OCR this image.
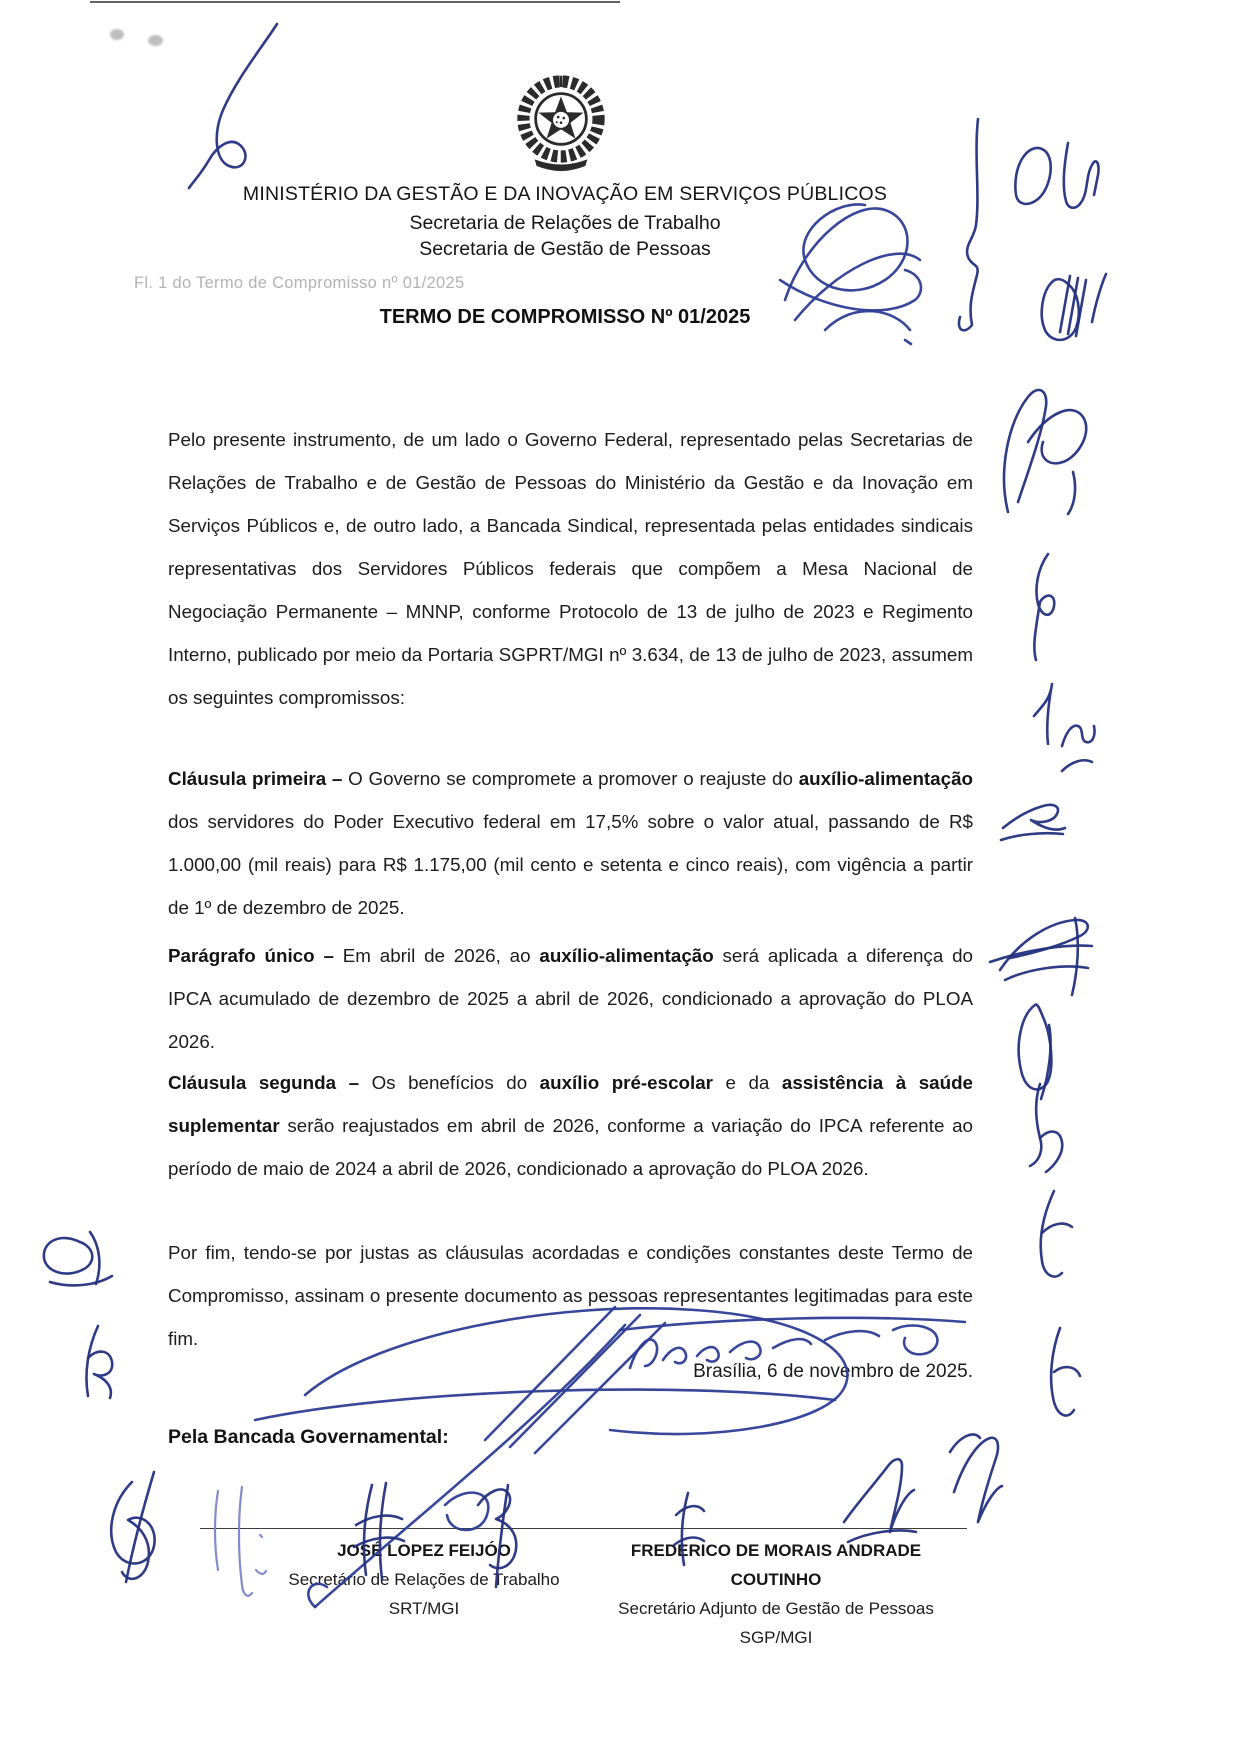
MINISTÉRIO DA GESTÃO E DA INOVAÇÃO EM SERVIÇOS PÚBLICOS
Secretaria de Relações de Trabalho
Secretaria de Gestão de Pessoas
Fl. 1 do Termo de Compromisso nº 01/2025
TERMO DE COMPROMISSO Nº 01/2025
Pelo presente instrumento, de um lado o Governo Federal, representado pelas Secretarias de Relações de Trabalho e de Gestão de Pessoas do Ministério da Gestão e da Inovação em Serviços Públicos e, de outro lado, a Bancada Sindical, representada pelas entidades sindicais representativas dos Servidores Públicos federais que compõem a Mesa Nacional de Negociação Permanente – MNNP, conforme Protocolo de 13 de julho de 2023 e Regimento Interno, publicado por meio da Portaria SGPRT/MGI nº 3.634, de 13 de julho de 2023, assumem os seguintes compromissos:
Cláusula primeira – O Governo se compromete a promover o reajuste do auxílio-alimentação dos servidores do Poder Executivo federal em 17,5% sobre o valor atual, passando de R$ 1.000,00 (mil reais) para R$ 1.175,00 (mil cento e setenta e cinco reais), com vigência a partir de 1º de dezembro de 2025.
Parágrafo único – Em abril de 2026, ao auxílio-alimentação será aplicada a diferença do IPCA acumulado de dezembro de 2025 a abril de 2026, condicionado a aprovação do PLOA 2026.
Cláusula segunda – Os benefícios do auxílio pré-escolar e da assistência à saúde suplementar serão reajustados em abril de 2026, conforme a variação do IPCA referente ao período de maio de 2024 a abril de 2026, condicionado a aprovação do PLOA 2026.
Por fim, tendo-se por justas as cláusulas acordadas e condições constantes deste Termo de Compromisso, assinam o presente documento as pessoas representantes legitimadas para este fim.
Brasília, 6 de novembro de 2025.
Pela Bancada Governamental:
JOSÉ LOPEZ FEIJÓO
Secretário de Relações de Trabalho
SRT/MGI
FREDERICO DE MORAIS ANDRADE COUTINHO
Secretário Adjunto de Gestão de Pessoas
SGP/MGI
